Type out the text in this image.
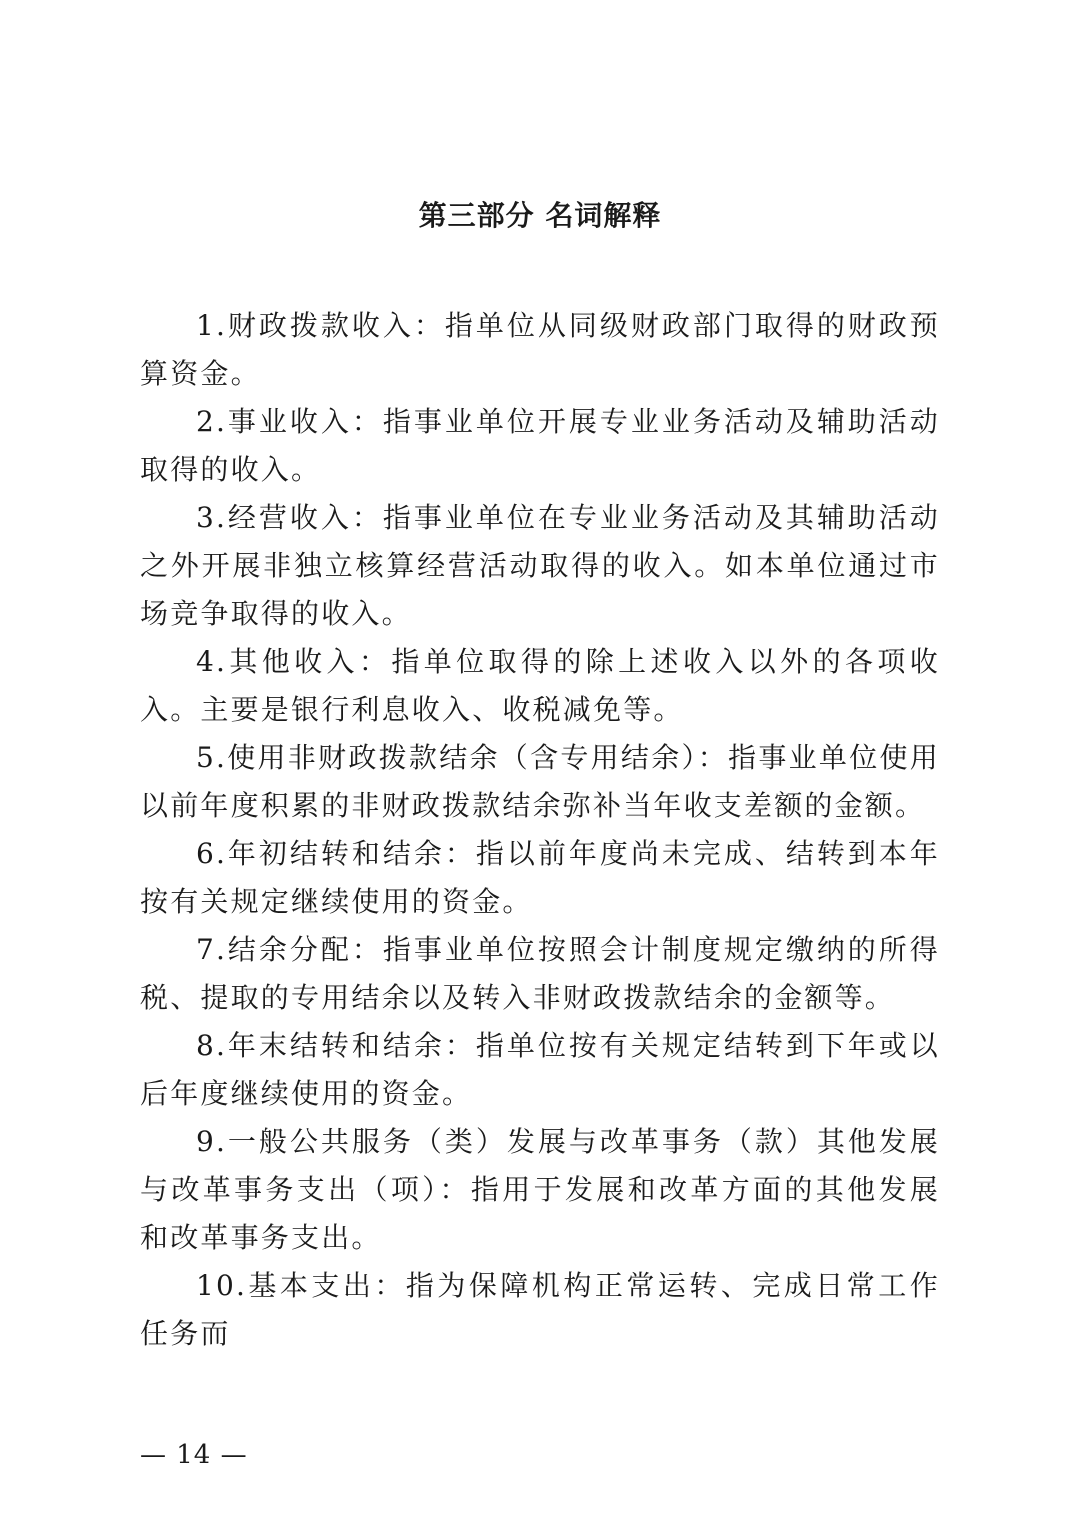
第三部分 名词解释

1.财政拨款收入：指单位从同级财政部门取得的财政预算资金。

2.事业收入：指事业单位开展专业业务活动及辅助活动取得的收入。

3.经营收入：指事业单位在专业业务活动及其辅助活动之外开展非独立核算经营活动取得的收入。如本单位通过市场竞争取得的收入。

4.其他收入：指单位取得的除上述收入以外的各项收入。主要是银行利息收入、收税减免等。

5.使用非财政拨款结余（含专用结余）：指事业单位使用以前年度积累的非财政拨款结余弥补当年收支差额的金额。

6.年初结转和结余：指以前年度尚未完成、结转到本年按有关规定继续使用的资金。

7.结余分配：指事业单位按照会计制度规定缴纳的所得税、提取的专用结余以及转入非财政拨款结余的金额等。

8.年末结转和结余：指单位按有关规定结转到下年或以后年度继续使用的资金。

9.一般公共服务（类）发展与改革事务（款）其他发展与改革事务支出（项）：指用于发展和改革方面的其他发展和改革事务支出。

10.基本支出：指为保障机构正常运转、完成日常工作任务而

— 14 —
